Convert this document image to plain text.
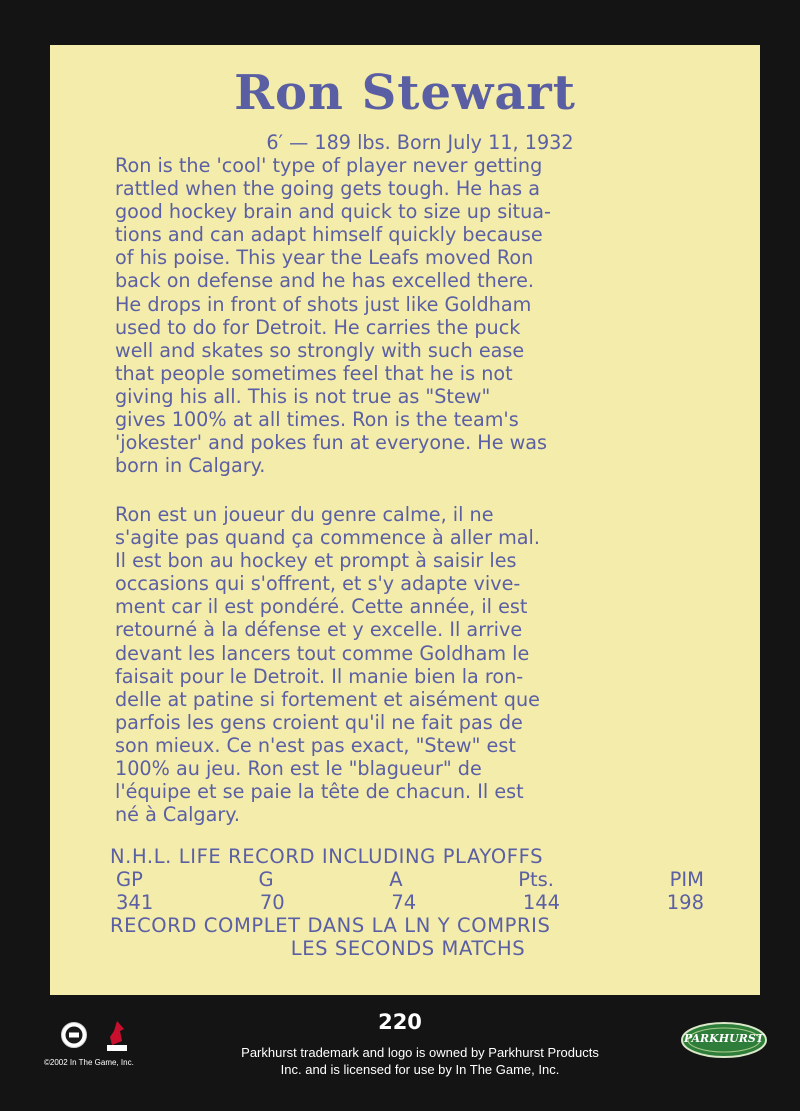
Ron Stewart
6′ — 189 lbs. Born July 11, 1932
Ron is the 'cool' type of player never getting
rattled when the going gets tough. He has a
good hockey brain and quick to size up situa-
tions and can adapt himself quickly because
of his poise. This year the Leafs moved Ron
back on defense and he has excelled there.
He drops in front of shots just like Goldham
used to do for Detroit. He carries the puck
well and skates so strongly with such ease
that people sometimes feel that he is not
giving his all. This is not true as "Stew"
gives 100% at all times. Ron is the team's
'jokester' and pokes fun at everyone. He was
born in Calgary.
Ron est un joueur du genre calme, il ne
s'agite pas quand ça commence à aller mal.
Il est bon au hockey et prompt à saisir les
occasions qui s'offrent, et s'y adapte vive-
ment car il est pondéré. Cette année, il est
retourné à la défense et y excelle. Il arrive
devant les lancers tout comme Goldham le
faisait pour le Detroit. Il manie bien la ron-
delle at patine si fortement et aisément que
parfois les gens croient qu'il ne fait pas de
son mieux. Ce n'est pas exact, "Stew" est
100% au jeu. Ron est le "blagueur" de
l'équipe et se paie la tête de chacun. Il est
né à Calgary.
N.H.L. LIFE RECORD INCLUDING PLAYOFFS
GP	G	A	Pts.	PIM
341	70	74	144	198
RECORD COMPLET DANS LA LN Y COMPRIS
LES SECONDS MATCHS
220
Parkhurst trademark and logo is owned by Parkhurst Products
Inc. and is licensed for use by In The Game, Inc.
©2002 In The Game, Inc.
PARKHURST
